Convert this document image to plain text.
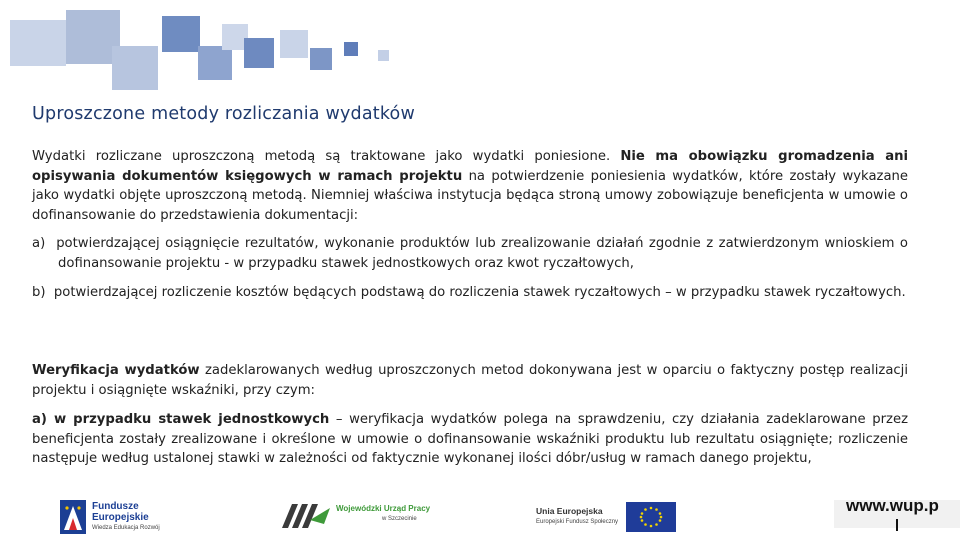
Uproszczone metody rozliczania wydatków
Wydatki rozliczane uproszczoną metodą są traktowane jako wydatki poniesione. Nie ma obowiązku gromadzenia ani opisywania dokumentów księgowych w ramach projektu na potwierdzenie poniesienia wydatków, które zostały wykazane jako wydatki objęte uproszczoną metodą. Niemniej właściwa instytucja będąca stroną umowy zobowiązuje beneficjenta w umowie o dofinansowanie do przedstawienia dokumentacji:
a) potwierdzającej osiągnięcie rezultatów, wykonanie produktów lub zrealizowanie działań zgodnie z zatwierdzonym wnioskiem o dofinansowanie projektu - w przypadku stawek jednostkowych oraz kwot ryczałtowych,
b) potwierdzającej rozliczenie kosztów będących podstawą do rozliczenia stawek ryczałtowych – w przypadku stawek ryczałtowych.
Weryfikacja wydatków zadeklarowanych według uproszczonych metod dokonywana jest w oparciu o faktyczny postęp realizacji projektu i osiągnięte wskaźniki, przy czym:
a) w przypadku stawek jednostkowych – weryfikacja wydatków polega na sprawdzeniu, czy działania zadeklarowane przez beneficjenta zostały zrealizowane i określone w umowie o dofinansowanie wskaźniki produktu lub rezultatu osiągnięte; rozliczenie następuje według ustalonej stawki w zależności od faktycznie wykonanej ilości dóbr/usług w ramach danego projektu,
Fundusze
Europejskie
Wiedza Edukacja Rozwój
Wojewódzki Urząd Pracy
w Szczecinie
Unia Europejska
Europejski Fundusz Społeczny
www.wup.p
